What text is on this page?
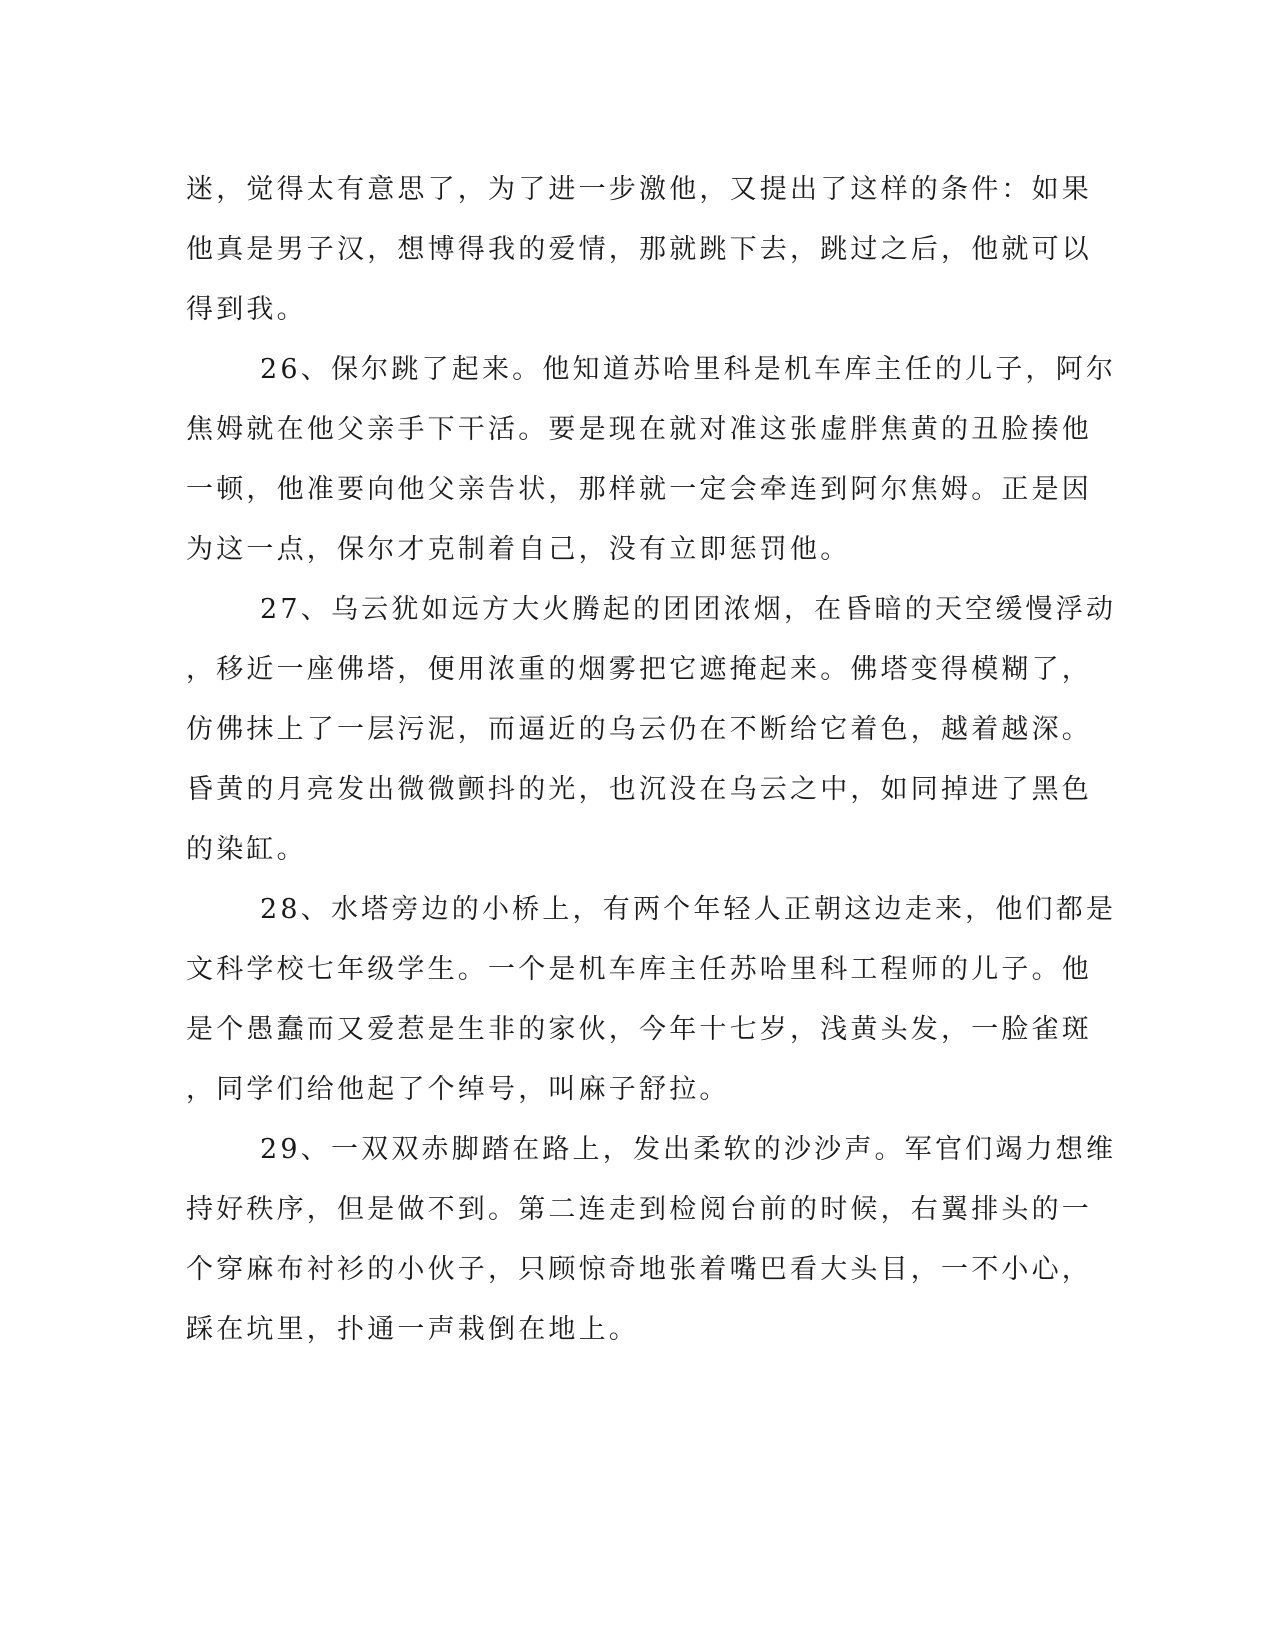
迷，觉得太有意思了，为了进一步激他，又提出了这样的条件：如果
他真是男子汉，想博得我的爱情，那就跳下去，跳过之后，他就可以
得到我。
26、保尔跳了起来。他知道苏哈里科是机车库主任的儿子，阿尔
焦姆就在他父亲手下干活。要是现在就对准这张虚胖焦黄的丑脸揍他
一顿，他准要向他父亲告状，那样就一定会牵连到阿尔焦姆。正是因
为这一点，保尔才克制着自己，没有立即惩罚他。
27、乌云犹如远方大火腾起的团团浓烟，在昏暗的天空缓慢浮动
，移近一座佛塔，便用浓重的烟雾把它遮掩起来。佛塔变得模糊了，
仿佛抹上了一层污泥，而逼近的乌云仍在不断给它着色，越着越深。
昏黄的月亮发出微微颤抖的光，也沉没在乌云之中，如同掉进了黑色
的染缸。
28、水塔旁边的小桥上，有两个年轻人正朝这边走来，他们都是
文科学校七年级学生。一个是机车库主任苏哈里科工程师的儿子。他
是个愚蠢而又爱惹是生非的家伙，今年十七岁，浅黄头发，一脸雀斑
，同学们给他起了个绰号，叫麻子舒拉。
29、一双双赤脚踏在路上，发出柔软的沙沙声。军官们竭力想维
持好秩序，但是做不到。第二连走到检阅台前的时候，右翼排头的一
个穿麻布衬衫的小伙子，只顾惊奇地张着嘴巴看大头目，一不小心，
踩在坑里，扑通一声栽倒在地上。
